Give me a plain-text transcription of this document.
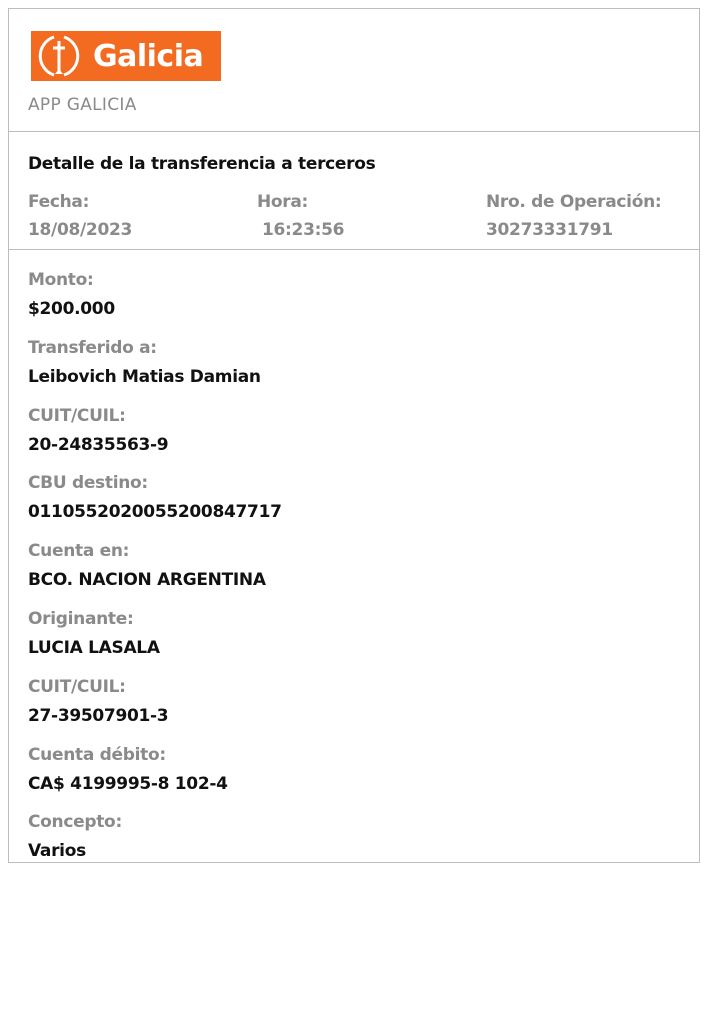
Galicia
APP GALICIA
Detalle de la transferencia a terceros
Fecha:
18/08/2023
Hora:
16:23:56
Nro. de Operación:
30273331791
Monto:
$200.000
Transferido a:
Leibovich Matias Damian
CUIT/CUIL:
20-24835563-9
CBU destino:
0110552020055200847717
Cuenta en:
BCO. NACION ARGENTINA
Originante:
LUCIA LASALA
CUIT/CUIL:
27-39507901-3
Cuenta débito:
CA$ 4199995-8 102-4
Concepto:
Varios
